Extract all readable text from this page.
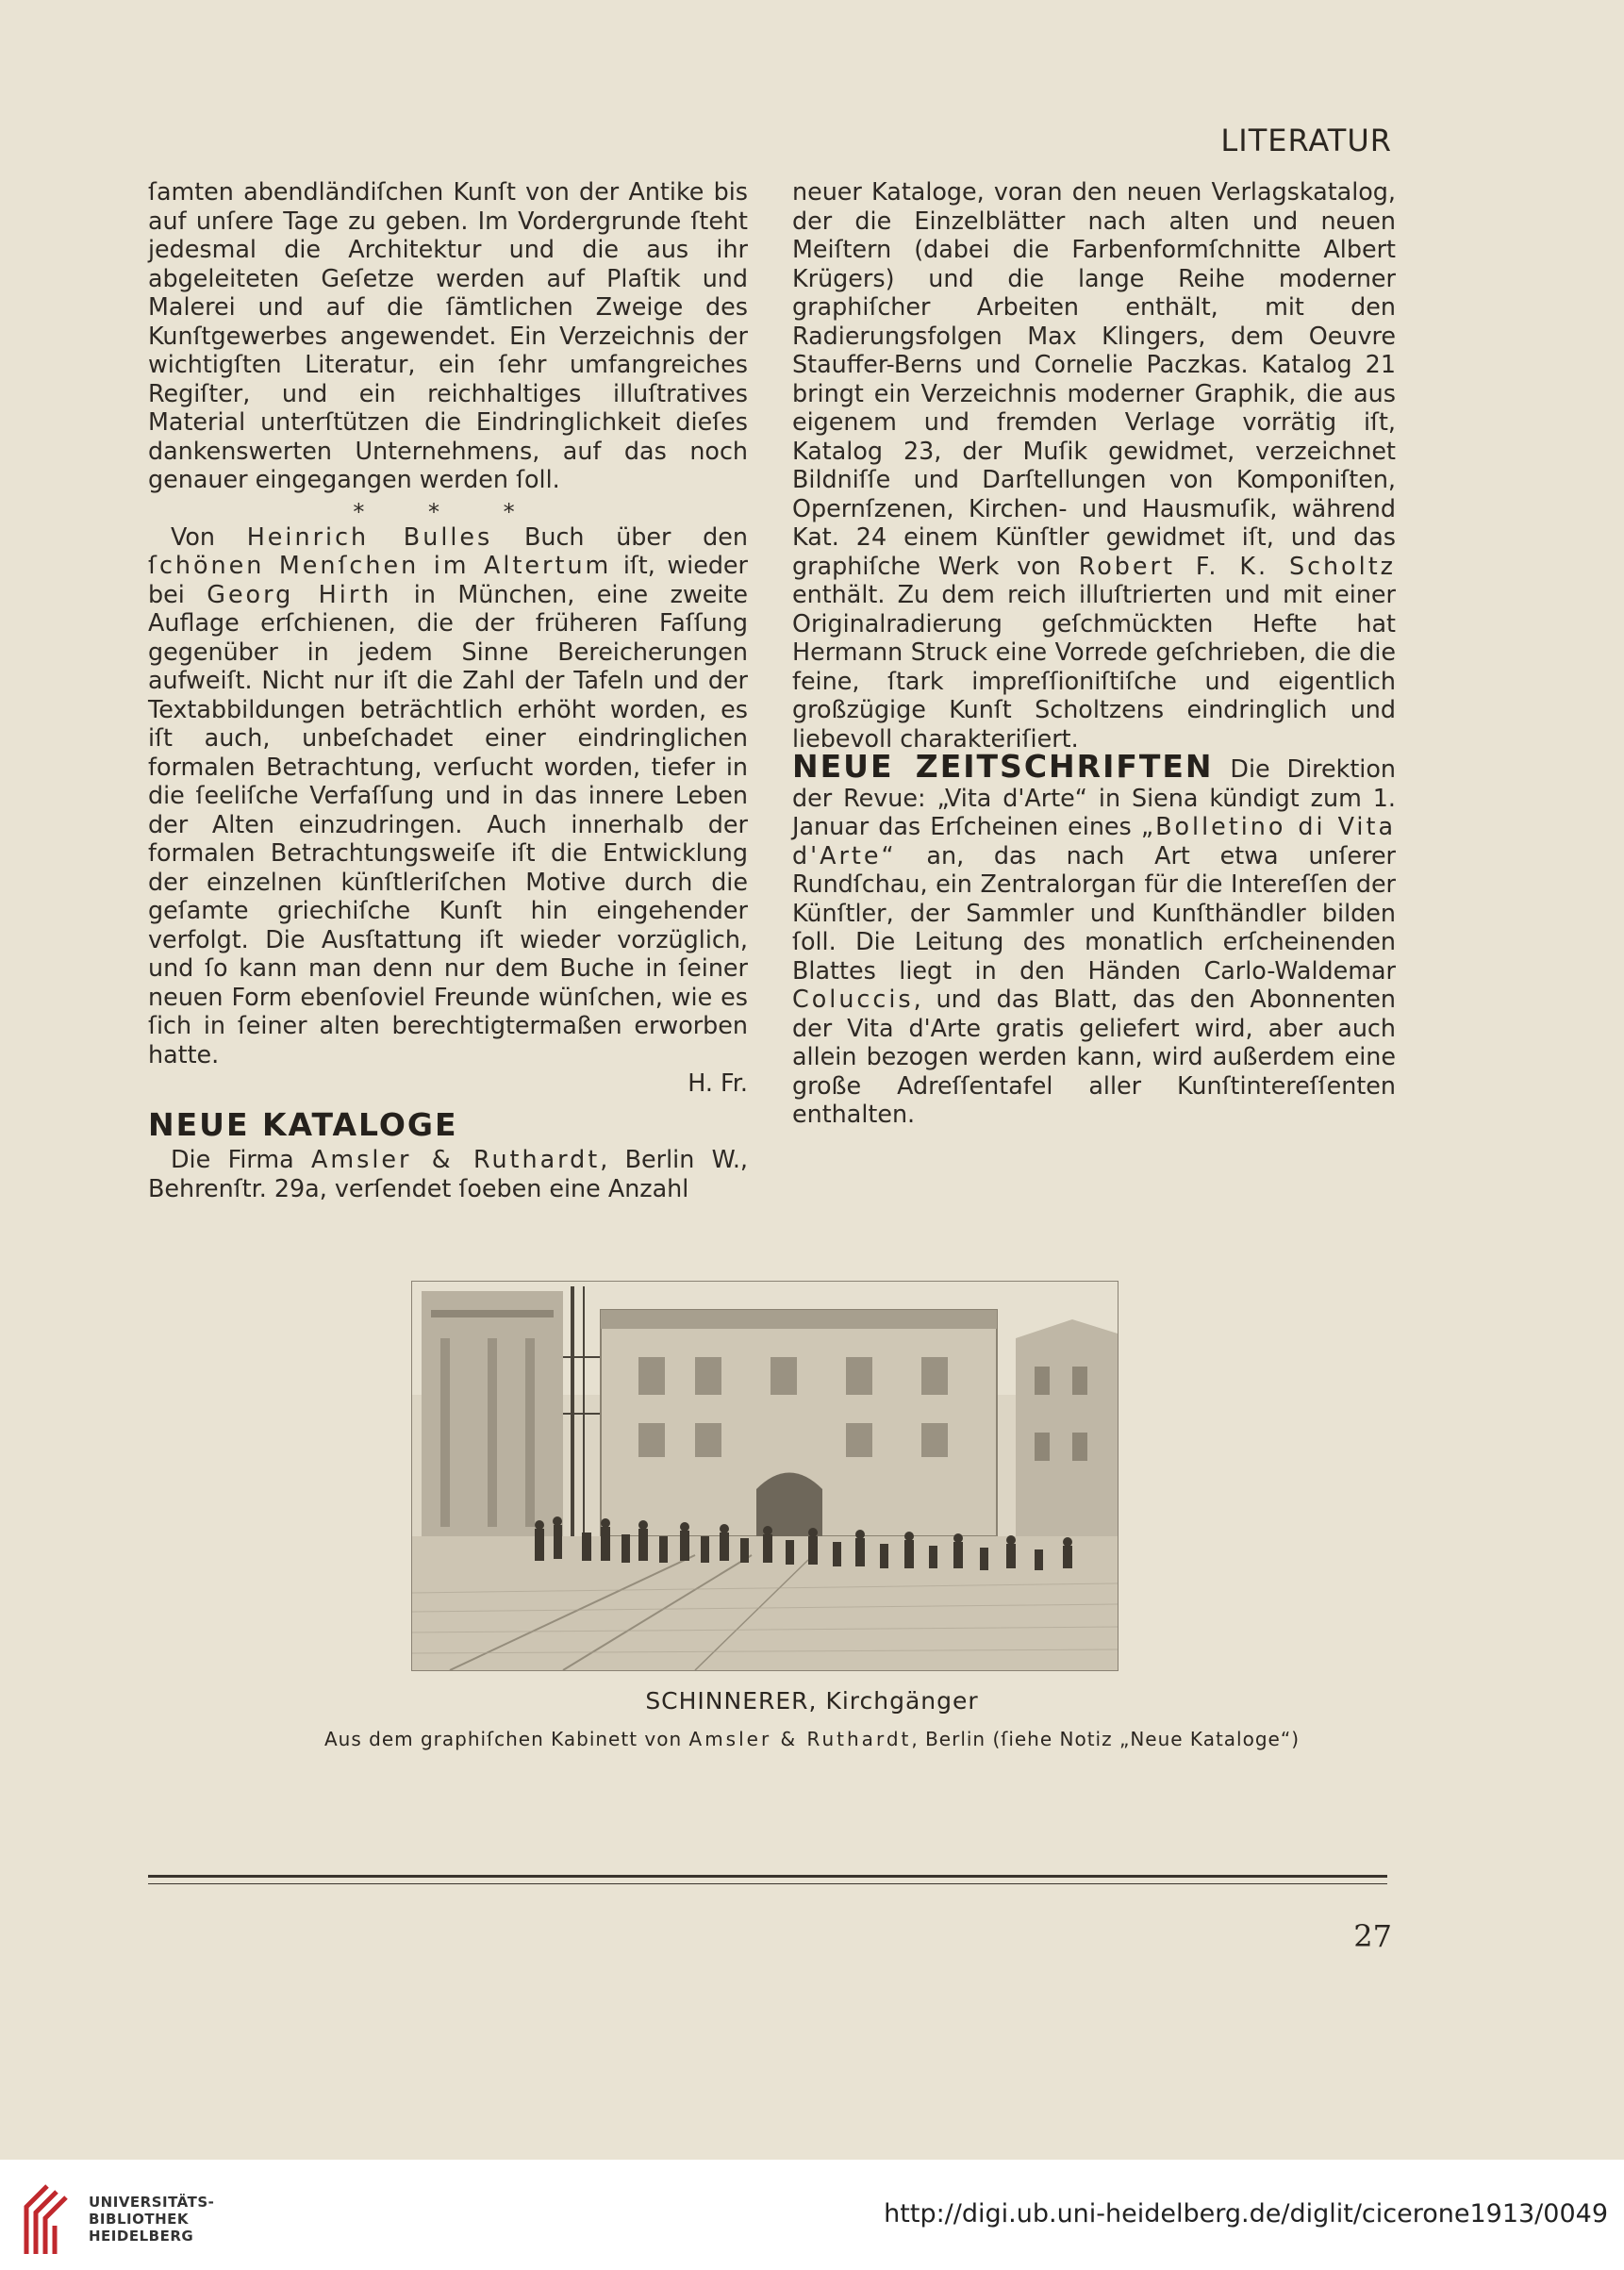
LITERATUR

ſamten abendländiſchen Kunſt von der Antike bis auf unſere Tage zu geben. Im Vordergrunde ſteht jedesmal die Architektur und die aus ihr abgeleiteten Geſetze werden auf Plaſtik und Malerei und auf die ſämtlichen Zweige des Kunſtgewerbes angewendet. Ein Verzeichnis der wichtigſten Literatur, ein ſehr umfangreiches Regiſter, und ein reichhaltiges illuſtratives Material unterſtützen die Eindringlichkeit dieſes dankenswerten Unternehmens, auf das noch genauer eingegangen werden ſoll.

* * *

Von Heinrich Bulles Buch über den ſchönen Menſchen im Altertum iſt, wieder bei Georg Hirth in München, eine zweite Auflage erſchienen, die der früheren Faſſung gegenüber in jedem Sinne Bereicherungen aufweiſt. Nicht nur iſt die Zahl der Tafeln und der Textabbildungen beträchtlich erhöht worden, es iſt auch, unbeſchadet einer eindringlichen formalen Betrachtung, verſucht worden, tiefer in die ſeeliſche Verfaſſung und in das innere Leben der Alten einzudringen. Auch innerhalb der formalen Betrachtungsweiſe iſt die Entwicklung der einzelnen künſtleriſchen Motive durch die geſamte griechiſche Kunſt hin eingehender verfolgt. Die Ausſtattung iſt wieder vorzüglich, und ſo kann man denn nur dem Buche in ſeiner neuen Form ebenſoviel Freunde wünſchen, wie es ſich in ſeiner alten berechtigtermaßen erworben hatte.

H. Fr.

NEUE KATALOGE

Die Firma Amsler & Ruthardt, Berlin W., Behrenſtr. 29a, verſendet ſoeben eine Anzahl

neuer Kataloge, voran den neuen Verlagskatalog, der die Einzelblätter nach alten und neuen Meiſtern (dabei die Farbenformſchnitte Albert Krügers) und die lange Reihe moderner graphiſcher Arbeiten enthält, mit den Radierungsfolgen Max Klingers, dem Oeuvre Stauffer-Berns und Cornelie Paczkas. Katalog 21 bringt ein Verzeichnis moderner Graphik, die aus eigenem und fremden Verlage vorrätig iſt, Katalog 23, der Muſik gewidmet, verzeichnet Bildniſſe und Darſtellungen von Komponiſten, Opernſzenen, Kirchen- und Hausmuſik, während Kat. 24 einem Künſtler gewidmet iſt, und das graphiſche Werk von Robert F. K. Scholtz enthält. Zu dem reich illuſtrierten und mit einer Originalradierung geſchmückten Hefte hat Hermann Struck eine Vorrede geſchrieben, die die feine, ſtark impreſſioniſtiſche und eigentlich großzügige Kunſt Scholtzens eindringlich und liebevoll charakteriſiert.

NEUE ZEITSCHRIFTEN Die Direktion der Revue: „Vita d'Arte“ in Siena kündigt zum 1. Januar das Erſcheinen eines „Bolletino di Vita d'Arte“ an, das nach Art etwa unſerer Rundſchau, ein Zentralorgan für die Intereſſen der Künſtler, der Sammler und Kunſthändler bilden ſoll. Die Leitung des monatlich erſcheinenden Blattes liegt in den Händen Carlo-Waldemar Coluccis, und das Blatt, das den Abonnenten der Vita d'Arte gratis geliefert wird, aber auch allein bezogen werden kann, wird außerdem eine große Adreſſentafel aller Kunſtintereſſenten enthalten.

SCHINNERER, Kirchgänger
Aus dem graphiſchen Kabinett von Amsler & Ruthardt, Berlin (ſiehe Notiz „Neue Kataloge“)
27
UNIVERSITÄTS-
BIBLIOTHEK
HEIDELBERG
http://digi.ub.uni-heidelberg.de/diglit/cicerone1913/0049
